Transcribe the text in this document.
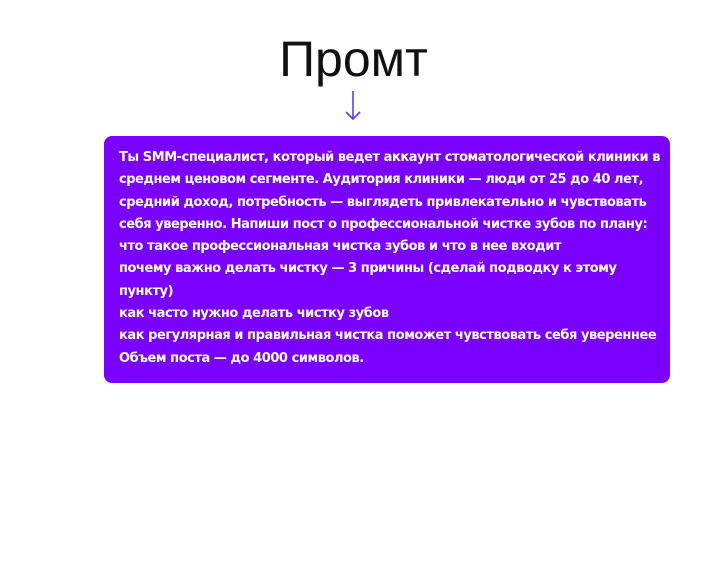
Промт
Ты SMM-специалист, который ведет аккаунт стоматологической клиники в
среднем ценовом сегменте. Аудитория клиники — люди от 25 до 40 лет,
средний доход, потребность — выглядеть привлекательно и чувствовать
себя уверенно. Напиши пост о профессиональной чистке зубов по плану:
что такое профессиональная чистка зубов и что в нее входит
почему важно делать чистку — 3 причины (сделай подводку к этому
пункту)
как часто нужно делать чистку зубов
как регулярная и правильная чистка поможет чувствовать себя увереннее
Объем поста — до 4000 символов.
